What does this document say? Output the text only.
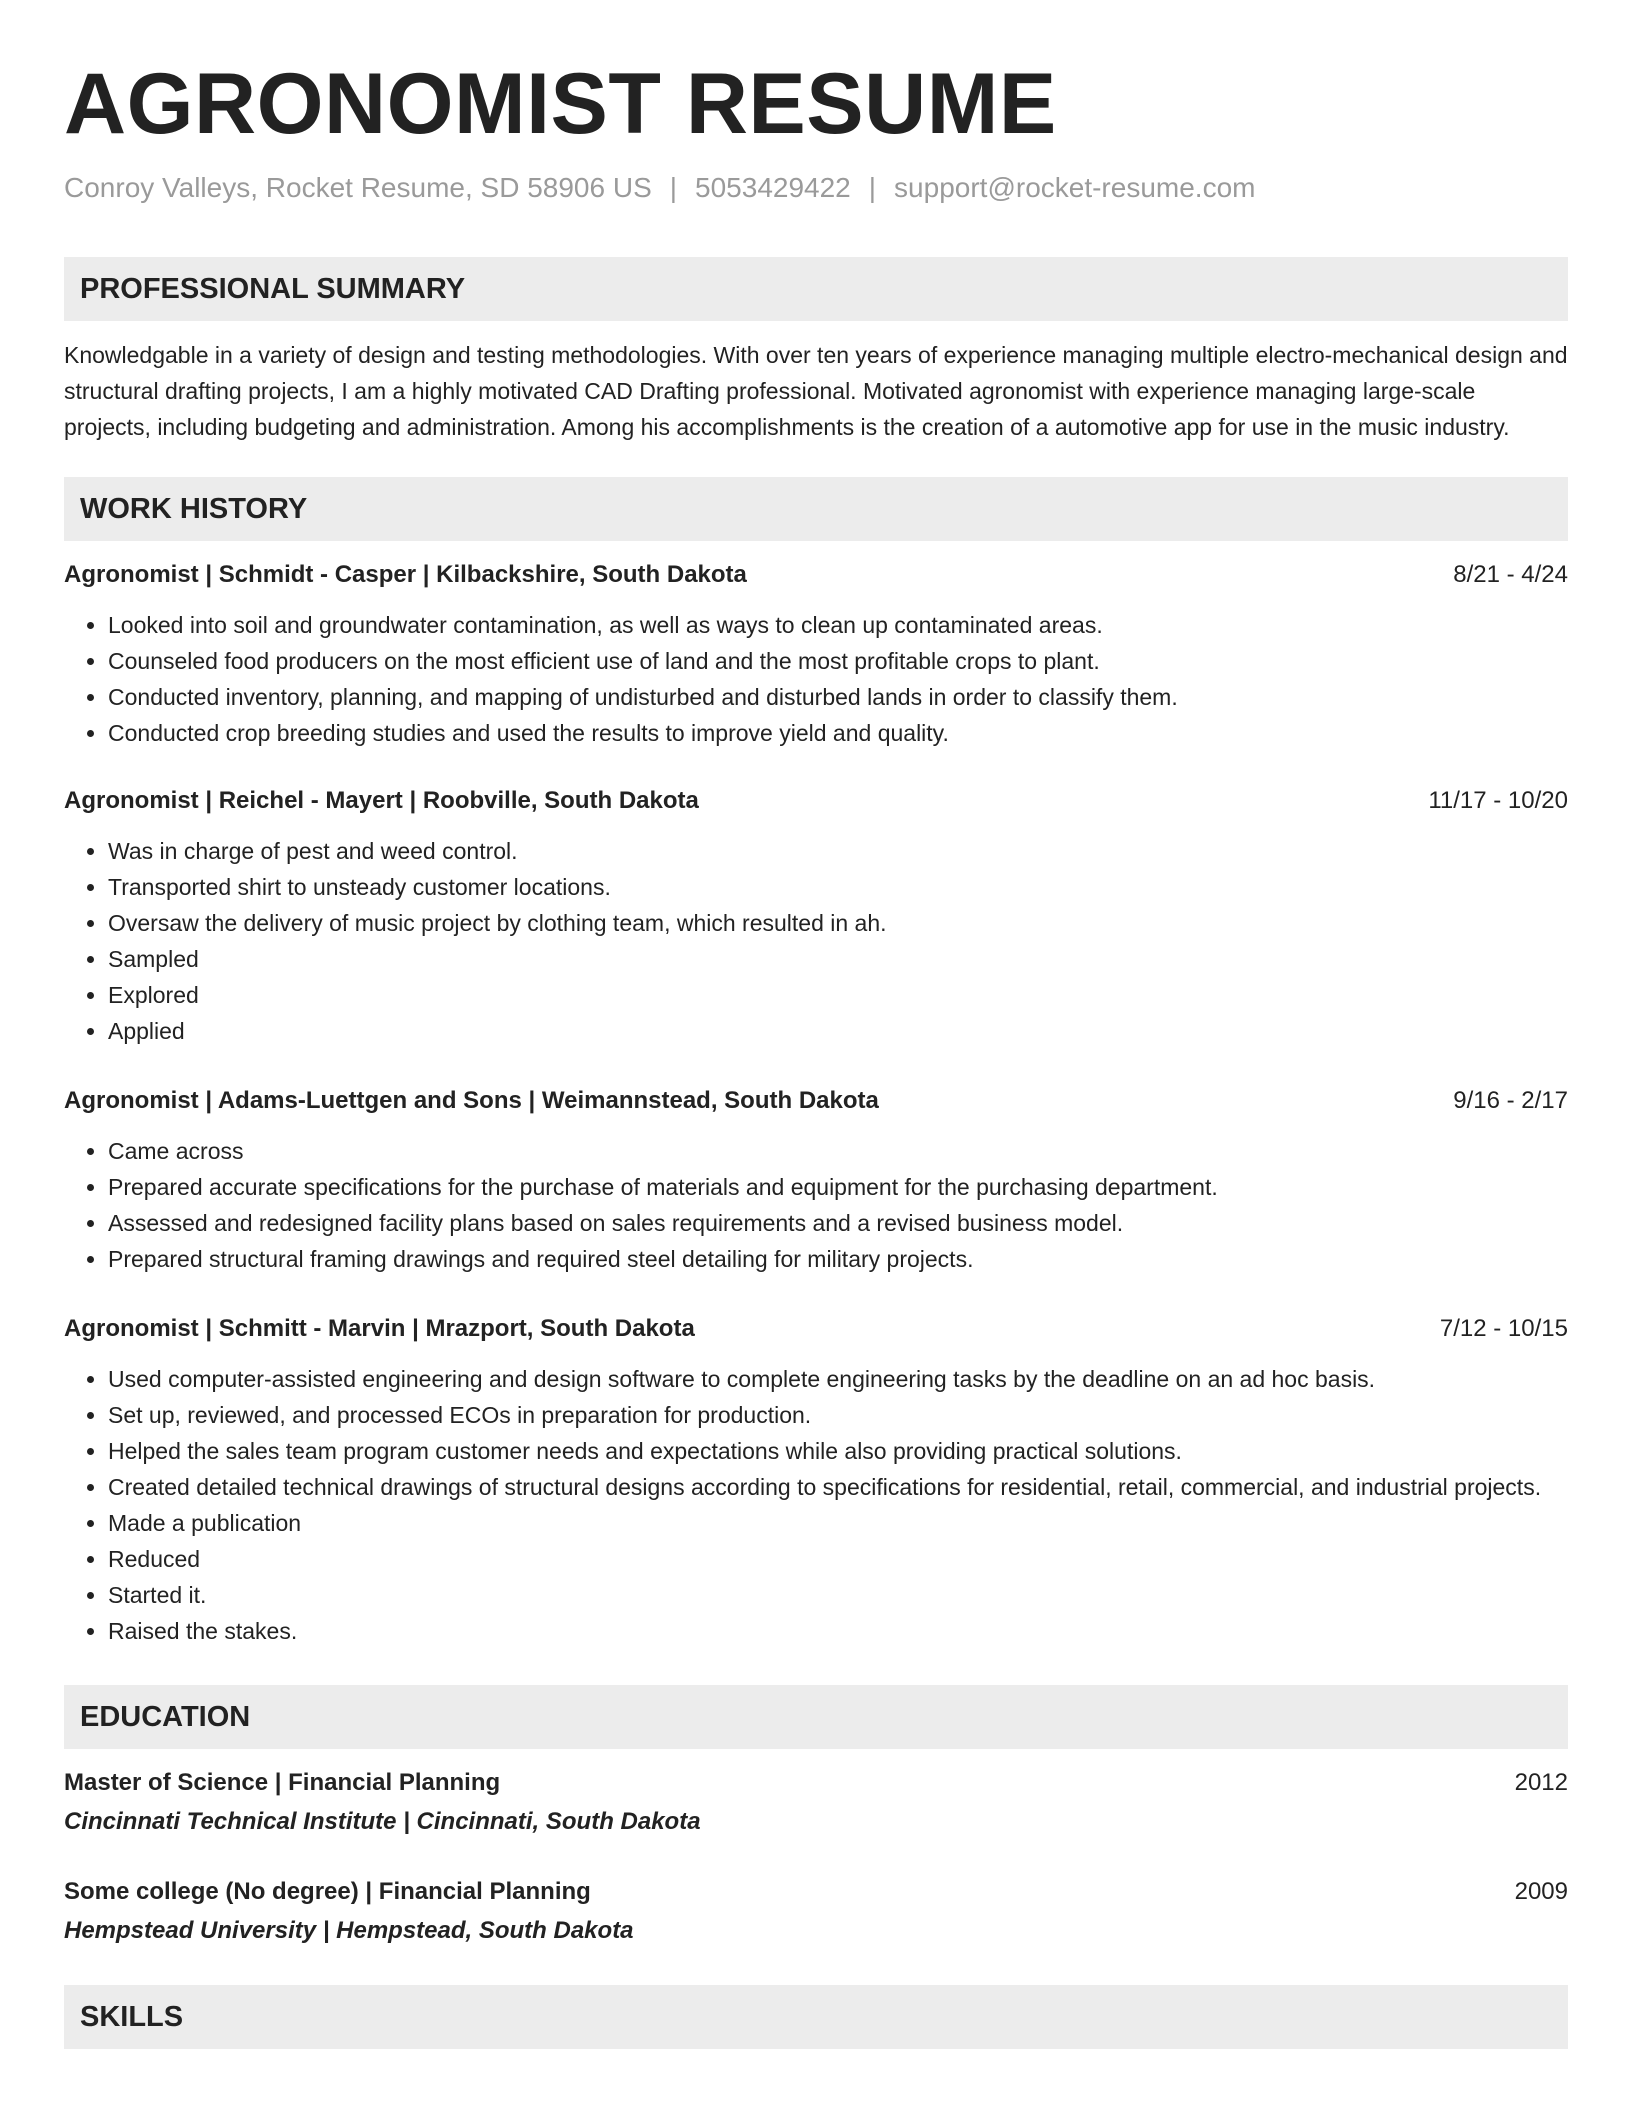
AGRONOMIST RESUME
Conroy Valleys, Rocket Resume, SD 58906 US | 5053429422 | support@rocket-resume.com
PROFESSIONAL SUMMARY
Knowledgable in a variety of design and testing methodologies. With over ten years of experience managing multiple electro-mechanical design and structural drafting projects, I am a highly motivated CAD Drafting professional. Motivated agronomist with experience managing large-scale projects, including budgeting and administration. Among his accomplishments is the creation of a automotive app for use in the music industry.
WORK HISTORY
Agronomist | Schmidt - Casper | Kilbackshire, South Dakota	8/21 - 4/24
• Looked into soil and groundwater contamination, as well as ways to clean up contaminated areas.
• Counseled food producers on the most efficient use of land and the most profitable crops to plant.
• Conducted inventory, planning, and mapping of undisturbed and disturbed lands in order to classify them.
• Conducted crop breeding studies and used the results to improve yield and quality.
Agronomist | Reichel - Mayert | Roobville, South Dakota	11/17 - 10/20
• Was in charge of pest and weed control.
• Transported shirt to unsteady customer locations.
• Oversaw the delivery of music project by clothing team, which resulted in ah.
• Sampled
• Explored
• Applied
Agronomist | Adams-Luettgen and Sons | Weimannstead, South Dakota	9/16 - 2/17
• Came across
• Prepared accurate specifications for the purchase of materials and equipment for the purchasing department.
• Assessed and redesigned facility plans based on sales requirements and a revised business model.
• Prepared structural framing drawings and required steel detailing for military projects.
Agronomist | Schmitt - Marvin | Mrazport, South Dakota	7/12 - 10/15
• Used computer-assisted engineering and design software to complete engineering tasks by the deadline on an ad hoc basis.
• Set up, reviewed, and processed ECOs in preparation for production.
• Helped the sales team program customer needs and expectations while also providing practical solutions.
• Created detailed technical drawings of structural designs according to specifications for residential, retail, commercial, and industrial projects.
• Made a publication
• Reduced
• Started it.
• Raised the stakes.
EDUCATION
Master of Science | Financial Planning	2012
Cincinnati Technical Institute | Cincinnati, South Dakota
Some college (No degree) | Financial Planning	2009
Hempstead University | Hempstead, South Dakota
SKILLS
